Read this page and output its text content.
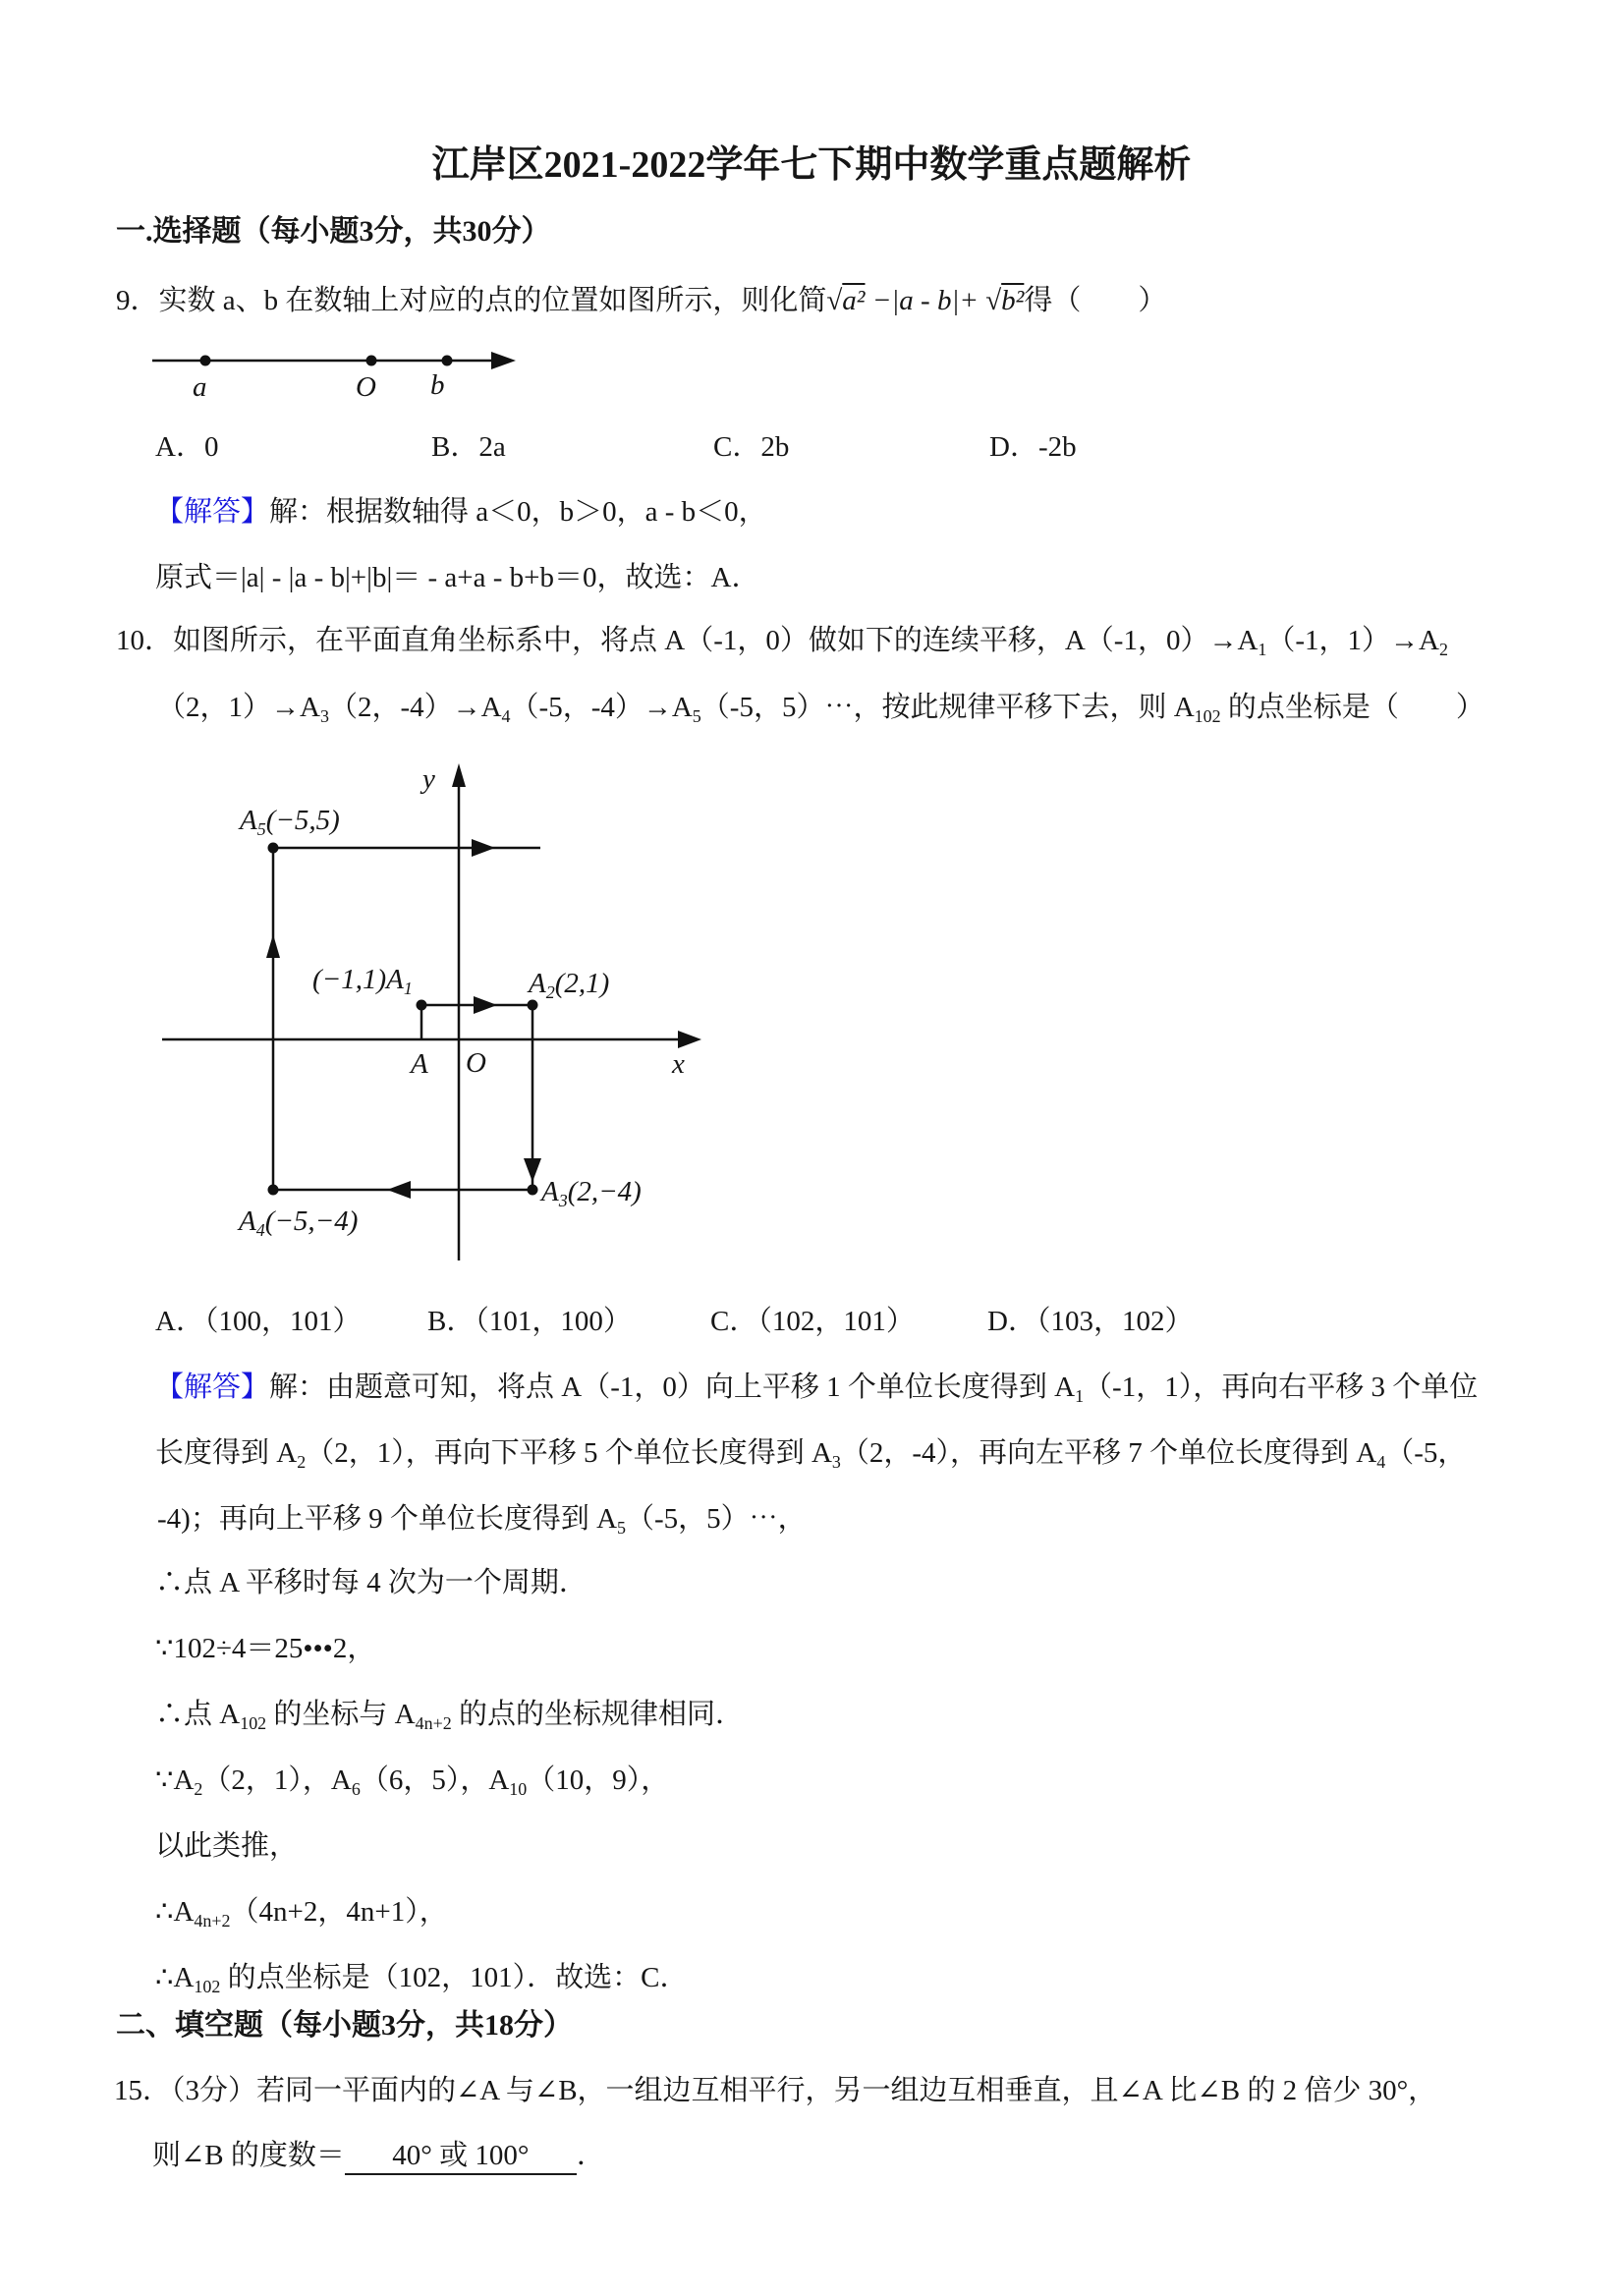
江岸区2021-2022学年七下期中数学重点题解析
一.选择题（每小题3分，共30分）
9．实数 a、b 在数轴上对应的点的位置如图所示，则化简√a² −|a - b|+ √b²得（　　）
a	O b
A．0	B．2a	C．2b	D．-2b
【解答】解：根据数轴得 a＜0，b＞0，a - b＜0，
原式＝|a| - |a - b|+|b|＝ - a+a - b+b＝0，故选：A．
10．如图所示，在平面直角坐标系中，将点 A（-1，0）做如下的连续平移，A（-1，$0)\to A_1(-1$，$1)\to A_2$
（2，$1)\to A_3(2$，$-4)\to A_4(-5$，$-4)\to A_5(-5$，5）⋯，按此规律平移下去，则 $A_{102}$ 的点坐标是（　　）
y
x
$A_5(-5,5)$
$(-1,1)A_1$	$A_2(2,1)$
A O
$A_3(2,-4)$
$A_4(-5,-4)$
A．（100，101） B．（101，100）	C．（102，101）	D．（103，102）
【解答】解：由题意可知，将点 A（-1，0）向上平移 1 个单位长度得到 $A_1(-1$，1），再向右平移 3 个单位
长度得到 $A_2(2$，1），再向下平移 5 个单位长度得到 $A_3(2$，-4），再向左平移 7 个单位长度得到 $A_4(-5$，
-4)；再向上平移 9 个单位长度得到 $A_5(-5$，5）⋯，
∴点 A 平移时每 4 次为一个周期．
∵102÷4＝25•••2，
∴点 $A_{102}$ 的坐标与 $A_{4n+2}$ 的点的坐标规律相同．
$\because A_2(2$，1），$A_6(6$，5），$A_{10}(10$，9），
以此类推，
$\therefore A_{4n+2}(4n+2$，4n+1），
$\therefore A_{102}$ 的点坐标是（102，101）．故选：C．
二、填空题（每小题3分，共18分）
15．（3分）若同一平面内的∠A 与∠B，一组边互相平行，另一组边互相垂直，且∠A 比∠B 的 2 倍少 30°，
则∠B 的度数＝ 40° 或 100° ．
